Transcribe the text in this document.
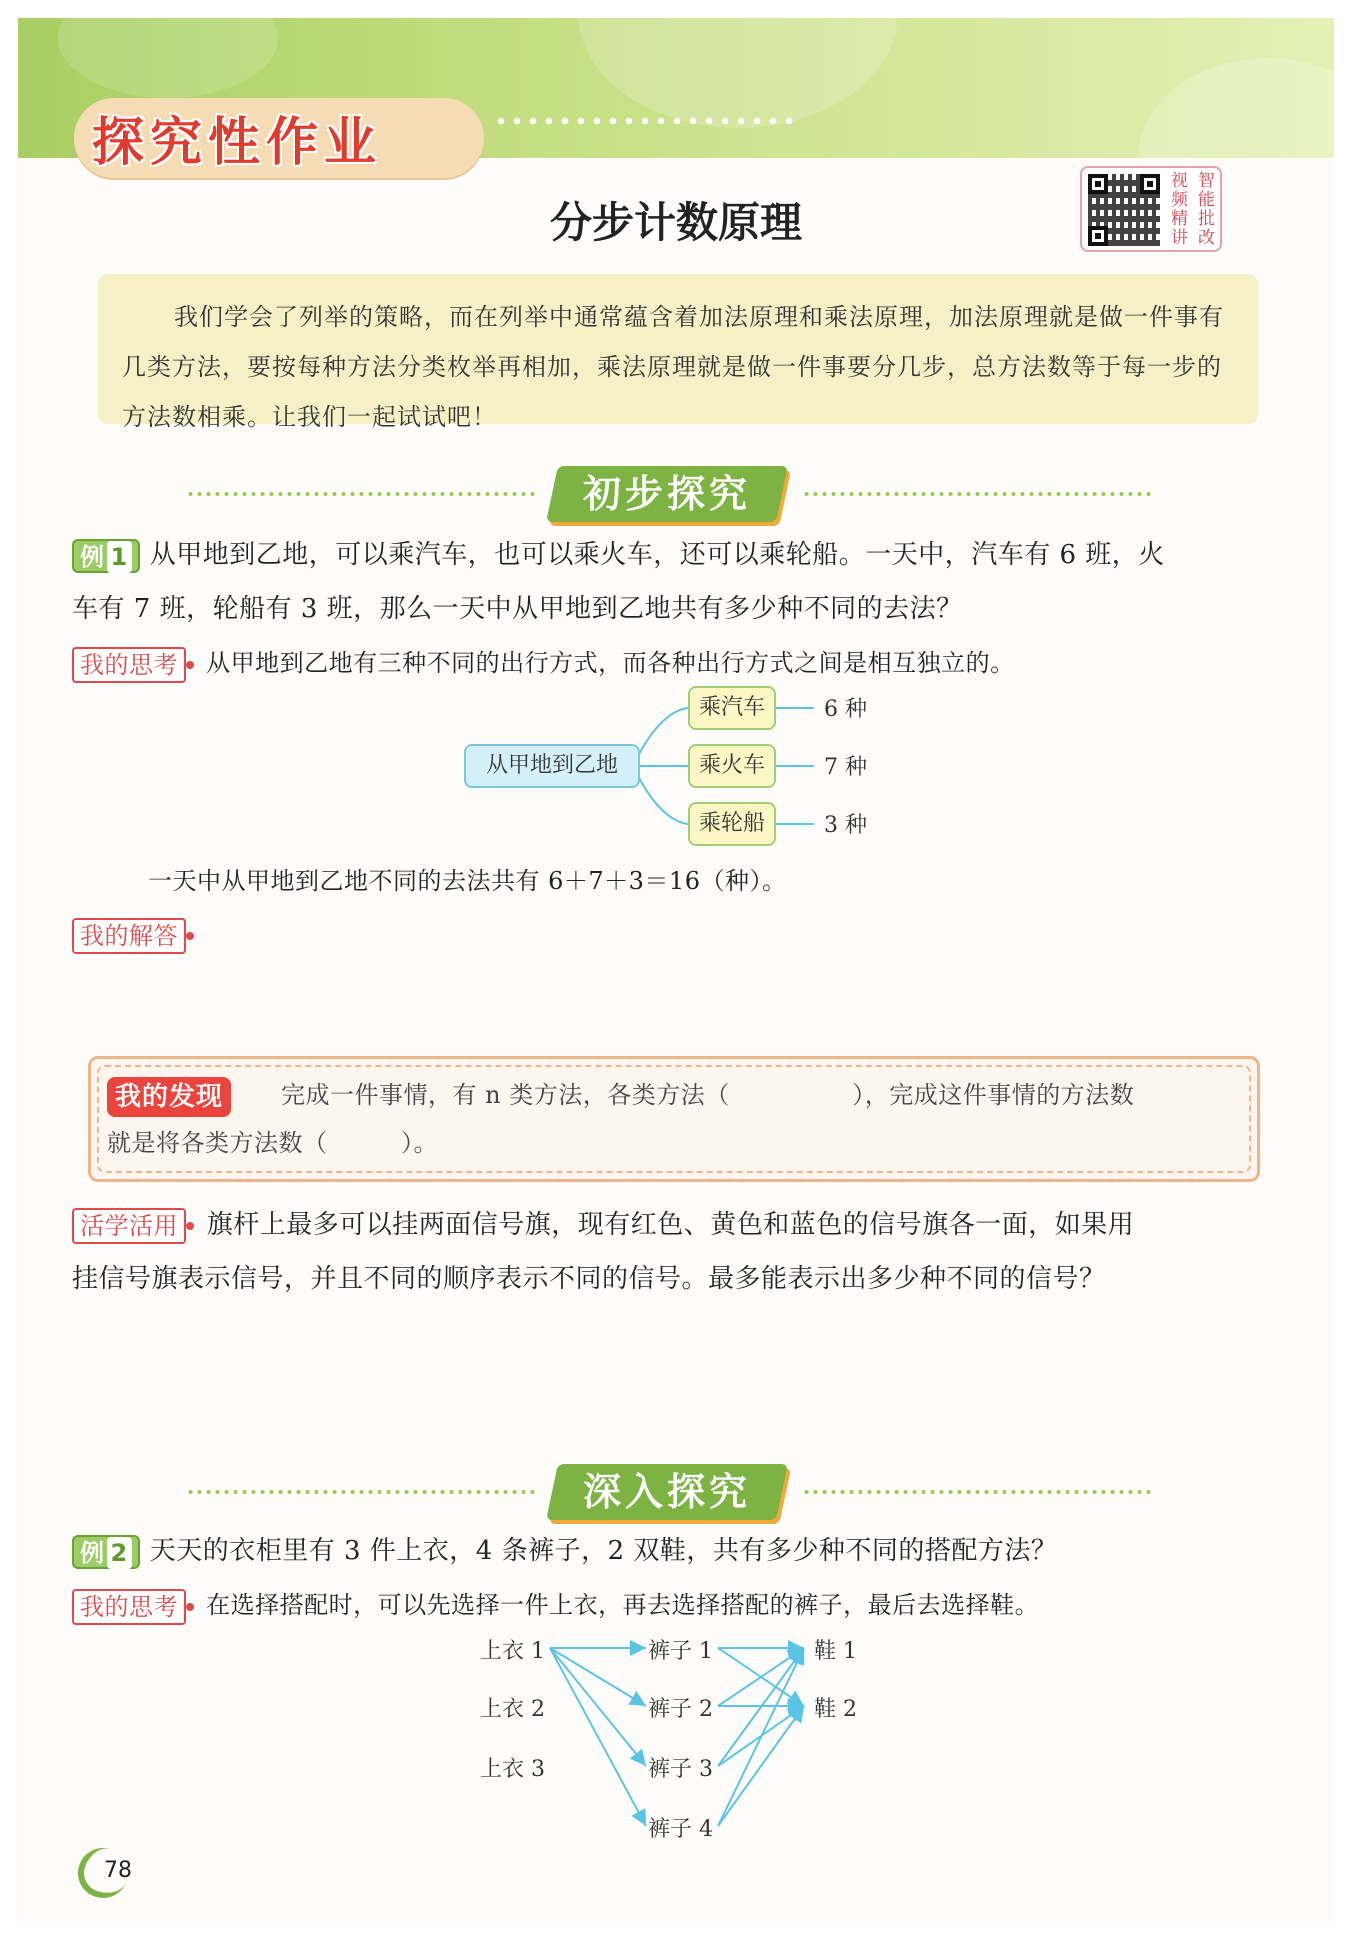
探究性作业
分步计数原理
视 智
频 能
精 批
讲 改
我们学会了列举的策略，而在列举中通常蕴含着加法原理和乘法原理，加法原理就是做一件事有几类方法，要按每种方法分类枚举再相加，乘法原理就是做一件事要分几步，总方法数等于每一步的方法数相乘。让我们一起试试吧！
初步探究
例 1 从甲地到乙地，可以乘汽车，也可以乘火车，还可以乘轮船。一天中，汽车有 6 班，火
车有 7 班，轮船有 3 班，那么一天中从甲地到乙地共有多少种不同的去法？
我的思考 从甲地到乙地有三种不同的出行方式，而各种出行方式之间是相互独立的。
从甲地到乙地
乘汽车
乘火车
乘轮船
6 种
7 种
3 种
一天中从甲地到乙地不同的去法共有 6＋7＋3＝16（种）。
我的解答
我的发现	完成一件事情，有 n 类方法，各类方法（　　　　　），完成这件事情的方法数
就是将各类方法数（　　　）。
活学活用 旗杆上最多可以挂两面信号旗，现有红色、黄色和蓝色的信号旗各一面，如果用
挂信号旗表示信号，并且不同的顺序表示不同的信号。最多能表示出多少种不同的信号？
深入探究
例 2 天天的衣柜里有 3 件上衣，4 条裤子，2 双鞋，共有多少种不同的搭配方法？
我的思考 在选择搭配时，可以先选择一件上衣，再去选择搭配的裤子，最后去选择鞋。
上衣 1
上衣 2
上衣 3
裤子 1
裤子 2
裤子 3
裤子 4
鞋 1
鞋 2
78
